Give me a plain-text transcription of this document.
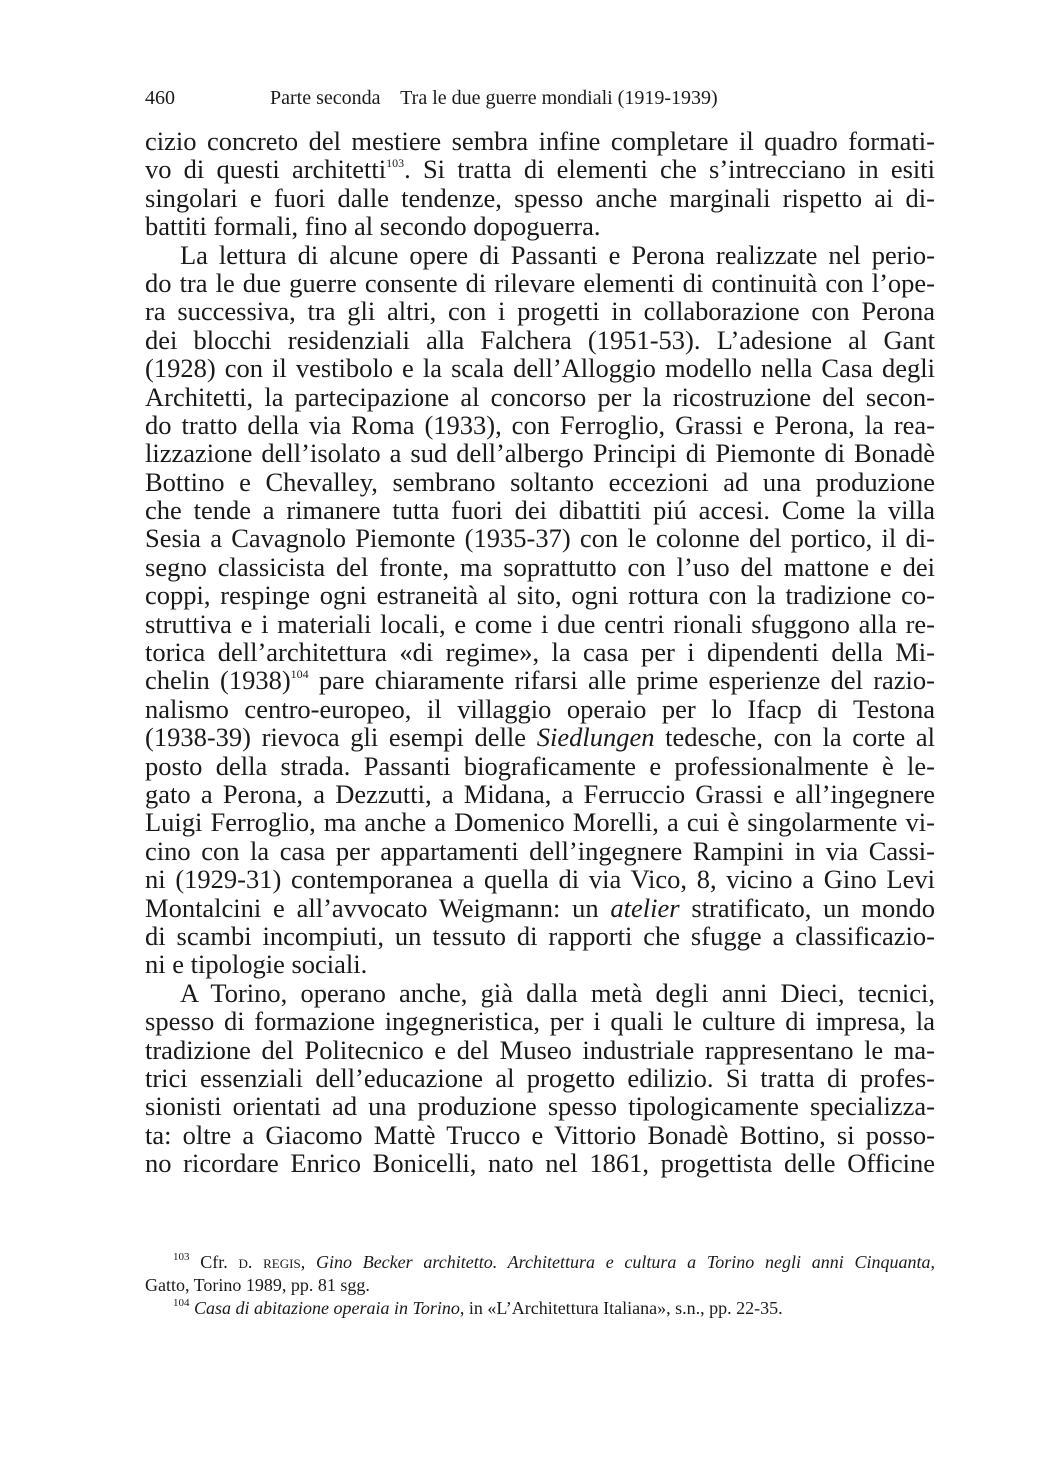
460	Parte seconda    Tra le due guerre mondiali (1919-1939)
cizio concreto del mestiere sembra infine completare il quadro formati-
vo di questi architetti$^{103}$. Si tratta di elementi che s’intrecciano in esiti
singolari e fuori dalle tendenze, spesso anche marginali rispetto ai di-
battiti formali, fino al secondo dopoguerra.
La lettura di alcune opere di Passanti e Perona realizzate nel perio-
do tra le due guerre consente di rilevare elementi di continuità con l’ope-
ra successiva, tra gli altri, con i progetti in collaborazione con Perona
dei blocchi residenziali alla Falchera (1951-53). L’adesione al Gant
(1928) con il vestibolo e la scala dell’Alloggio modello nella Casa degli
Architetti, la partecipazione al concorso per la ricostruzione del secon-
do tratto della via Roma (1933), con Ferroglio, Grassi e Perona, la rea-
lizzazione dell’isolato a sud dell’albergo Principi di Piemonte di Bonadè
Bottino e Chevalley, sembrano soltanto eccezioni ad una produzione
che tende a rimanere tutta fuori dei dibattiti piú accesi. Come la villa
Sesia a Cavagnolo Piemonte (1935-37) con le colonne del portico, il di-
segno classicista del fronte, ma soprattutto con l’uso del mattone e dei
coppi, respinge ogni estraneità al sito, ogni rottura con la tradizione co-
struttiva e i materiali locali, e come i due centri rionali sfuggono alla re-
torica dell’architettura «di regime», la casa per i dipendenti della Mi-
chelin $(1938)^{104}$ pare chiaramente rifarsi alle prime esperienze del razio-
nalismo centro-europeo, il villaggio operaio per lo Ifacp di Testona
(1938-39) rievoca gli esempi delle Siedlungen tedesche, con la corte al
posto della strada. Passanti biograficamente e professionalmente è le-
gato a Perona, a Dezzutti, a Midana, a Ferruccio Grassi e all’ingegnere
Luigi Ferroglio, ma anche a Domenico Morelli, a cui è singolarmente vi-
cino con la casa per appartamenti dell’ingegnere Rampini in via Cassi-
ni (1929-31) contemporanea a quella di via Vico, 8, vicino a Gino Levi
Montalcini e all’avvocato Weigmann: un atelier stratificato, un mondo
di scambi incompiuti, un tessuto di rapporti che sfugge a classificazio-
ni e tipologie sociali.
A Torino, operano anche, già dalla metà degli anni Dieci, tecnici,
spesso di formazione ingegneristica, per i quali le culture di impresa, la
tradizione del Politecnico e del Museo industriale rappresentano le ma-
trici essenziali dell’educazione al progetto edilizio. Si tratta di profes-
sionisti orientati ad una produzione spesso tipologicamente specializza-
ta: oltre a Giacomo Mattè Trucco e Vittorio Bonadè Bottino, si posso-
no ricordare Enrico Bonicelli, nato nel 1861, progettista delle Officine
$^{103}$ Cfr. d. regis, Gino Becker architetto. Architettura e cultura a Torino negli anni Cinquanta,
Gatto, Torino 1989, pp. 81 sgg.
$^{104}$ Casa di abitazione operaia in Torino, in «L’Architettura Italiana», s.n., pp. 22-35.
